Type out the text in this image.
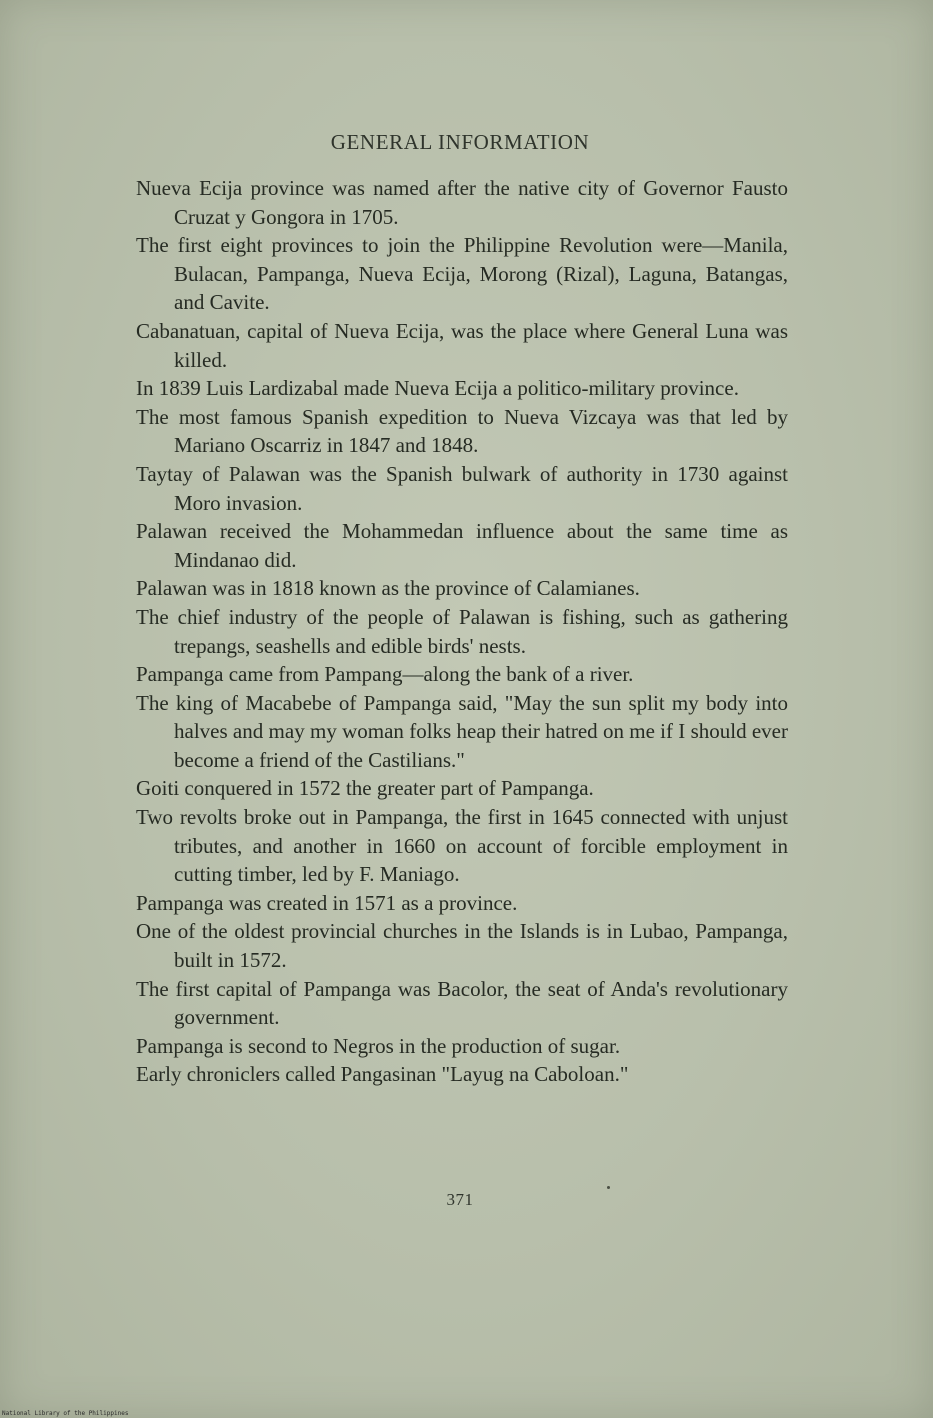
GENERAL INFORMATION
Nueva Ecija province was named after the native city of Governor Fausto Cruzat y Gongora in 1705.
The first eight provinces to join the Philippine Revolution were—Manila, Bulacan, Pampanga, Nueva Ecija, Morong (Rizal), Laguna, Batangas, and Cavite.
Cabanatuan, capital of Nueva Ecija, was the place where General Luna was killed.
In 1839 Luis Lardizabal made Nueva Ecija a politico-military province.
The most famous Spanish expedition to Nueva Vizcaya was that led by Mariano Oscarriz in 1847 and 1848.
Taytay of Palawan was the Spanish bulwark of authority in 1730 against Moro invasion.
Palawan received the Mohammedan influence about the same time as Mindanao did.
Palawan was in 1818 known as the province of Calamianes.
The chief industry of the people of Palawan is fishing, such as gathering trepangs, seashells and edible birds' nests.
Pampanga came from Pampang—along the bank of a river.
The king of Macabebe of Pampanga said, "May the sun split my body into halves and may my woman folks heap their hatred on me if I should ever become a friend of the Castilians."
Goiti conquered in 1572 the greater part of Pampanga.
Two revolts broke out in Pampanga, the first in 1645 connected with unjust tributes, and another in 1660 on account of forcible employment in cutting timber, led by F. Maniago.
Pampanga was created in 1571 as a province.
One of the oldest provincial churches in the Islands is in Lubao, Pampanga, built in 1572.
The first capital of Pampanga was Bacolor, the seat of Anda's revolutionary government.
Pampanga is second to Negros in the production of sugar.
Early chroniclers called Pangasinan "Layug na Caboloan."
371
National Library of the Philippines
